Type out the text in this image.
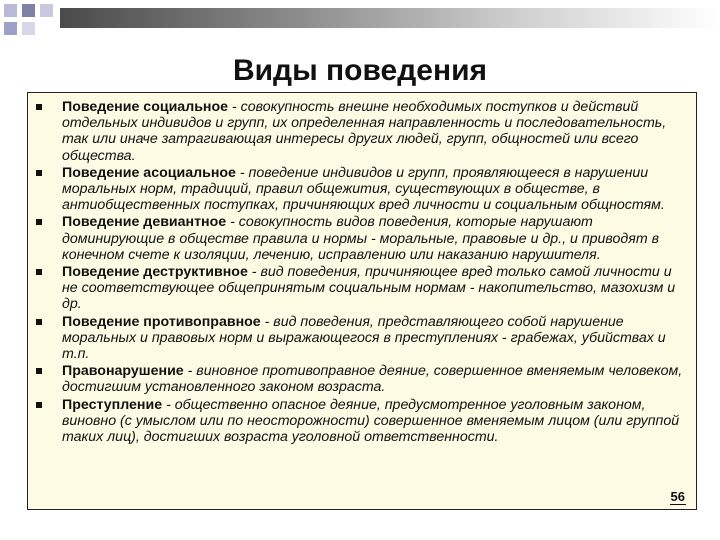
Виды поведения
Поведение социальное - совокупность внешне необходимых поступков и действий отдельных индивидов и групп, их определенная направленность и последовательность, так или иначе затрагивающая интересы других людей, групп, общностей или всего общества.
Поведение асоциальное - поведение индивидов и групп, проявляющееся в нарушении моральных норм, традиций, правил общежития, существующих в обществе, в антиобщественных поступках, причиняющих вред личности и социальным общностям.
Поведение девиантное - совокупность видов поведения, которые нарушают доминирующие в обществе правила и нормы - моральные, правовые и др., и приводят в конечном счете к изоляции, лечению, исправлению или наказанию нарушителя.
Поведение деструктивное - вид поведения, причиняющее вред только самой личности и не соответствующее общепринятым социальным нормам - накопительство, мазохизм и др.
Поведение противоправное - вид поведения, представляющего собой нарушение моральных и правовых норм и выражающегося в преступлениях - грабежах, убийствах и т.п.
Правонарушение - виновное противоправное деяние, совершенное вменяемым человеком, достигшим установленного законом возраста.
Преступление - общественно опасное деяние, предусмотренное уголовным законом, виновно (с умыслом или по неосторожности) совершенное вменяемым лицом (или группой таких лиц), достигших возраста уголовной ответственности.
56
